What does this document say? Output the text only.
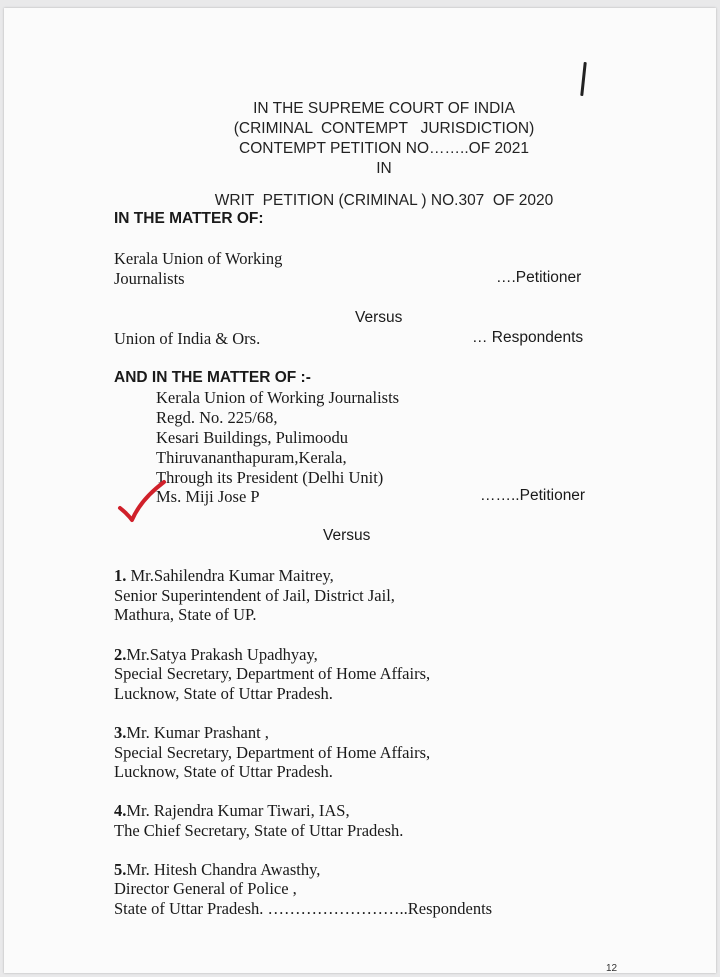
IN THE SUPREME COURT OF INDIA
(CRIMINAL  CONTEMPT   JURISDICTION)
CONTEMPT PETITION NO……..OF 2021
IN
WRIT  PETITION (CRIMINAL ) NO.307  OF 2020
IN THE MATTER OF:
Kerala Union of Working
Journalists	….Petitioner
Versus
Union of India & Ors.	… Respondents
AND IN THE MATTER OF :-
Kerala Union of Working Journalists
Regd. No. 225/68,
Kesari Buildings, Pulimoodu
Thiruvananthapuram,Kerala,
Through its President (Delhi Unit)
Ms. Miji Jose P	……..Petitioner
Versus
1. Mr.Sahilendra Kumar Maitrey,
Senior Superintendent of Jail, District Jail,
Mathura, State of UP.
2.Mr.Satya Prakash Upadhyay,
Special Secretary, Department of Home Affairs,
Lucknow, State of Uttar Pradesh.
3.Mr. Kumar Prashant ,
Special Secretary, Department of Home Affairs,
Lucknow, State of Uttar Pradesh.
4.Mr. Rajendra Kumar Tiwari, IAS,
The Chief Secretary, State of Uttar Pradesh.
5.Mr. Hitesh Chandra Awasthy,
Director General of Police ,
State of Uttar Pradesh. ……………………..Respondents
12
